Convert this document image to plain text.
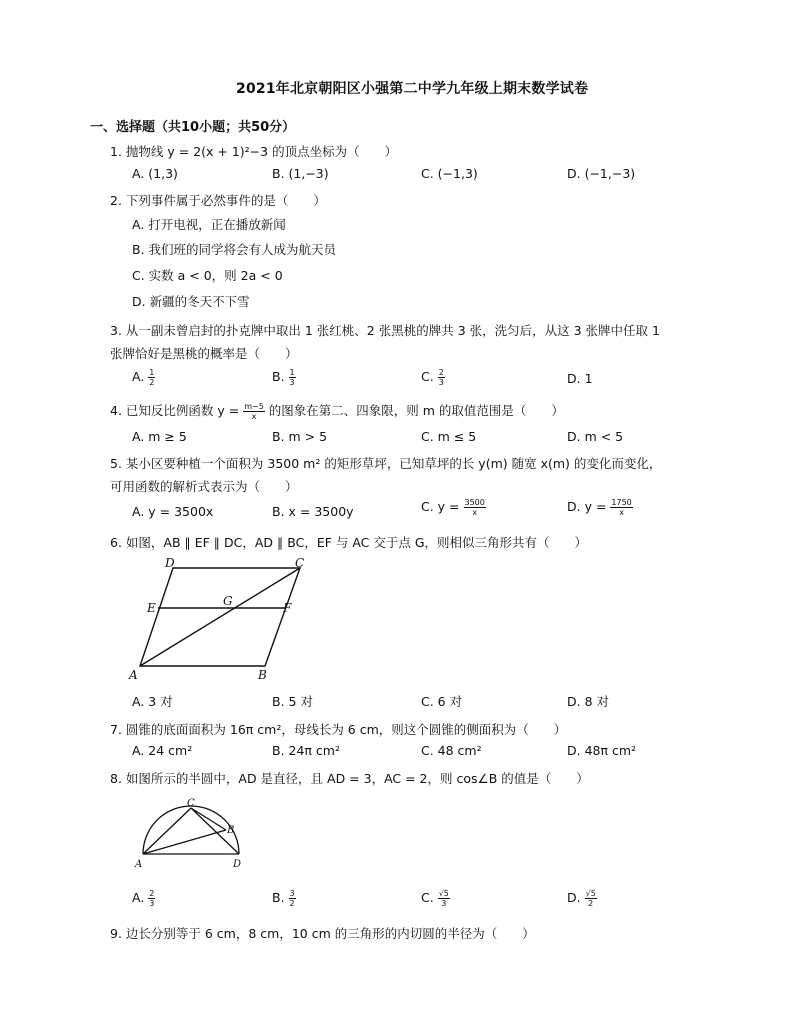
2021年北京朝阳区小强第二中学九年级上期末数学试卷
一、选择题（共10小题；共50分）
1. 抛物线 y = 2(x + 1)²−3 的顶点坐标为（　　）
A. (1,3)	B. (1,−3)	C. (−1,3)	D. (−1,−3)
2. 下列事件属于必然事件的是（　　）
A. 打开电视，正在播放新闻
B. 我们班的同学将会有人成为航天员
C. 实数 a < 0，则 2a < 0
D. 新疆的冬天不下雪
3. 从一副未曾启封的扑克牌中取出 1 张红桃、2 张黑桃的牌共 3 张，洗匀后，从这 3 张牌中任取 1
张牌恰好是黑桃的概率是（　　）
A. $\frac{1}{2}$	B. $\frac{1}{3}$	C. $\frac{2}{3}$	D. 1
4. 已知反比例函数 $y = \frac{m-5}{x}$ 的图象在第二、四象限，则 m 的取值范围是（　　）
A. m ≥ 5	B. m > 5	C. m ≤ 5	D. m < 5
5. 某小区要种植一个面积为 3500 m² 的矩形草坪，已知草坪的长 y(m) 随宽 x(m) 的变化而变化，
可用函数的解析式表示为（　　）
A. y = 3500x	B. x = 3500y	C. $y = \frac{3500}{x}$	D. $y = \frac{1750}{x}$
6. 如图，AB ∥ EF ∥ DC，AD ∥ BC，EF 与 AC 交于点 G，则相似三角形共有（　　）
D	C
E	G	F
A	B
A. 3 对	B. 5 对	C. 6 对	D. 8 对
7. 圆锥的底面面积为 16π cm²，母线长为 6 cm，则这个圆锥的侧面积为（　　）
A. 24 cm²	B. 24π cm²	C. 48 cm²	D. 48π cm²
8. 如图所示的半圆中，AD 是直径，且 AD = 3，AC = 2，则 cos∠B 的值是（　　）
C
B
A	D
A. $\frac{2}{3}$	B. $\frac{3}{2}$	C. $\frac{√5}{3}$	D. $\frac{√5}{2}$
9. 边长分别等于 6 cm，8 cm，10 cm 的三角形的内切圆的半径为（　　）
